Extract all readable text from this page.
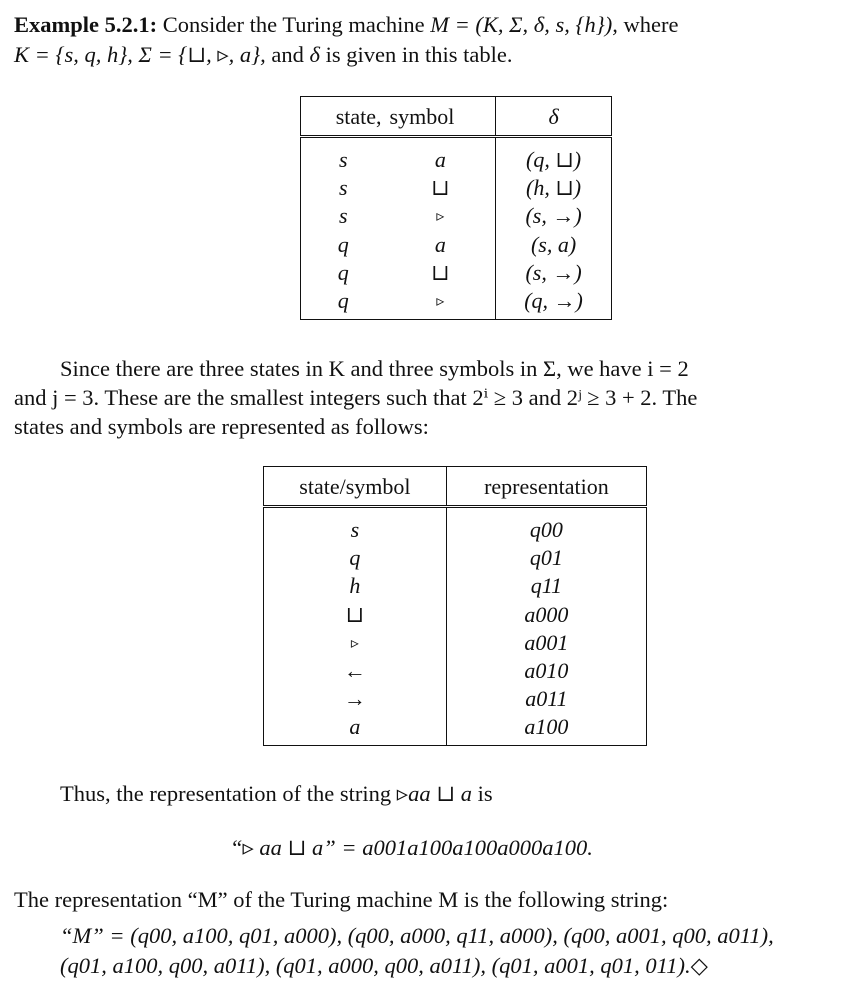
Example 5.2.1: Consider the Turing machine M = (K, Σ, δ, s, {h}), where
K = {s, q, h}, Σ = {⊔, ▹, a}, and δ is given in this table.
state,	symbol	δ
s	a	(q, ⊔)
s	⊔	(h, ⊔)
s	▹	(s, →)
q	a	(s, a)
q	⊔	(s, →)
q	▹	(q, →)
Since there are three states in K and three symbols in Σ, we have i = 2
and j = 3. These are the smallest integers such that 2ⁱ ≥ 3 and 2ʲ ≥ 3 + 2. The
states and symbols are represented as follows:
state/symbol	representation
s	q00
q	q01
h	q11
⊔	a000
▹	a001
←	a010
→	a011
a	a100
Thus, the representation of the string ▹aa ⊔ a is
“▹ aa ⊔ a” = a001a100a100a000a100.
The representation “M” of the Turing machine M is the following string:
“M” = (q00, a100, q01, a000), (q00, a000, q11, a000), (q00, a001, q00, a011),
(q01, a100, q00, a011), (q01, a000, q00, a011), (q01, a001, q01, 011).◇
